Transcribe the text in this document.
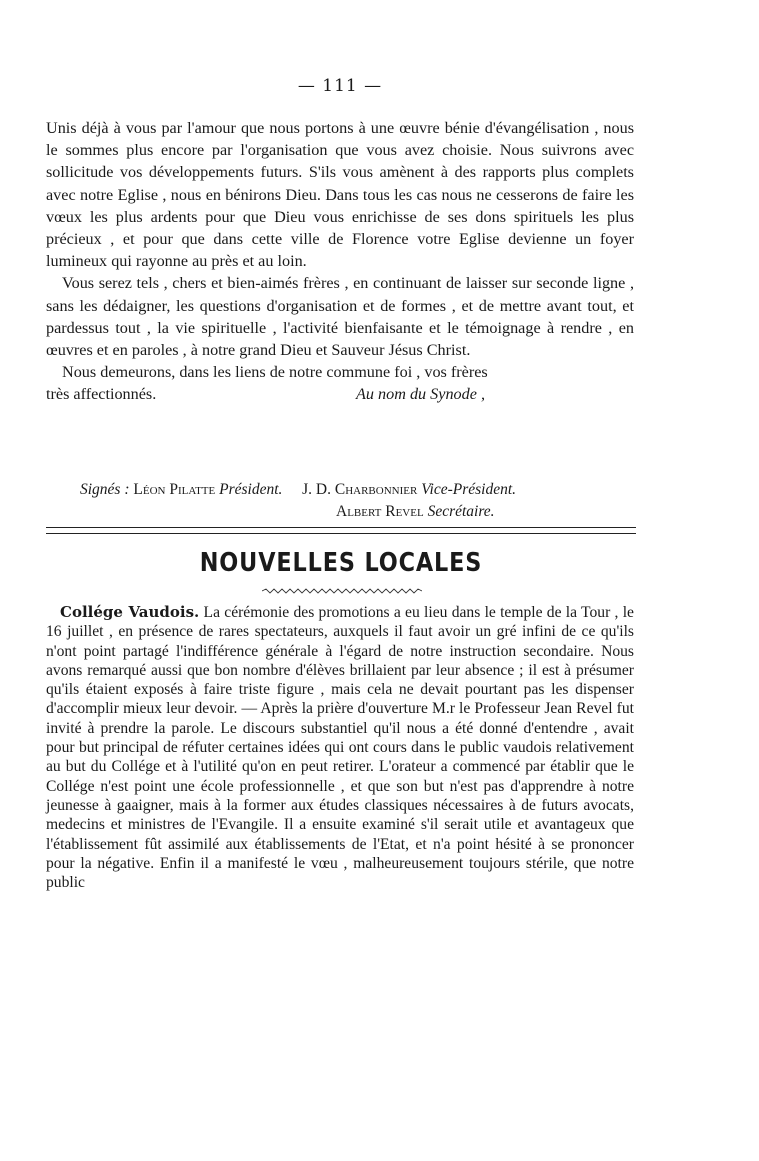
— 111 —

Unis déjà à vous par l'amour que nous portons à une œuvre bénie d'évangélisation , nous le sommes plus encore par l'organisation que vous avez choisie. Nous suivrons avec sollicitude vos développements futurs. S'ils vous amènent à des rapports plus complets avec notre Eglise , nous en bénirons Dieu. Dans tous les cas nous ne cesserons de faire les vœux les plus ardents pour que Dieu vous enrichisse de ses dons spirituels les plus précieux , et pour que dans cette ville de Florence votre Eglise devienne un foyer lumineux qui rayonne au près et au loin.

Vous serez tels , chers et bien-aimés frères , en continuant de laisser sur seconde ligne , sans les dédaigner, les questions d'organisation et de formes , et de mettre avant tout, et pardessus tout , la vie spirituelle , l'activité bienfaisante et le témoignage à rendre , en œuvres et en paroles , à notre grand Dieu et Sauveur Jésus Christ.

Nous demeurons, dans les liens de notre commune foi , vos frères

très affectionnés.	Au nom du Synode ,
Signés : Léon Pilatte Président. J. D. Charbonnier Vice-Président.
Albert Revel Secrétaire.
NOUVELLES LOCALES

Collége Vaudois. La cérémonie des promotions a eu lieu dans le temple de la Tour , le 16 juillet , en présence de rares spectateurs, auxquels il faut avoir un gré infini de ce qu'ils n'ont point partagé l'indifférence générale à l'égard de notre instruction secondaire. Nous avons remarqué aussi que bon nombre d'élèves brillaient par leur absence ; il est à présumer qu'ils étaient exposés à faire triste figure , mais cela ne devait pourtant pas les dispenser d'accomplir mieux leur devoir. — Après la prière d'ouverture M.r le Professeur Jean Revel fut invité à prendre la parole. Le discours substantiel qu'il nous a été donné d'entendre , avait pour but principal de réfuter certaines idées qui ont cours dans le public vaudois relativement au but du Collége et à l'utilité qu'on en peut retirer. L'orateur a commencé par établir que le Collége n'est point une école professionnelle , et que son but n'est pas d'apprendre à notre jeunesse à gaaigner, mais à la former aux études classiques nécessaires à de futurs avocats, medecins et ministres de l'Evangile. Il a ensuite examiné s'il serait utile et avantageux que l'établissement fût assimilé aux établissements de l'Etat, et n'a point hésité à se prononcer pour la négative. Enfin il a manifesté le vœu , malheureusement toujours stérile, que notre public
